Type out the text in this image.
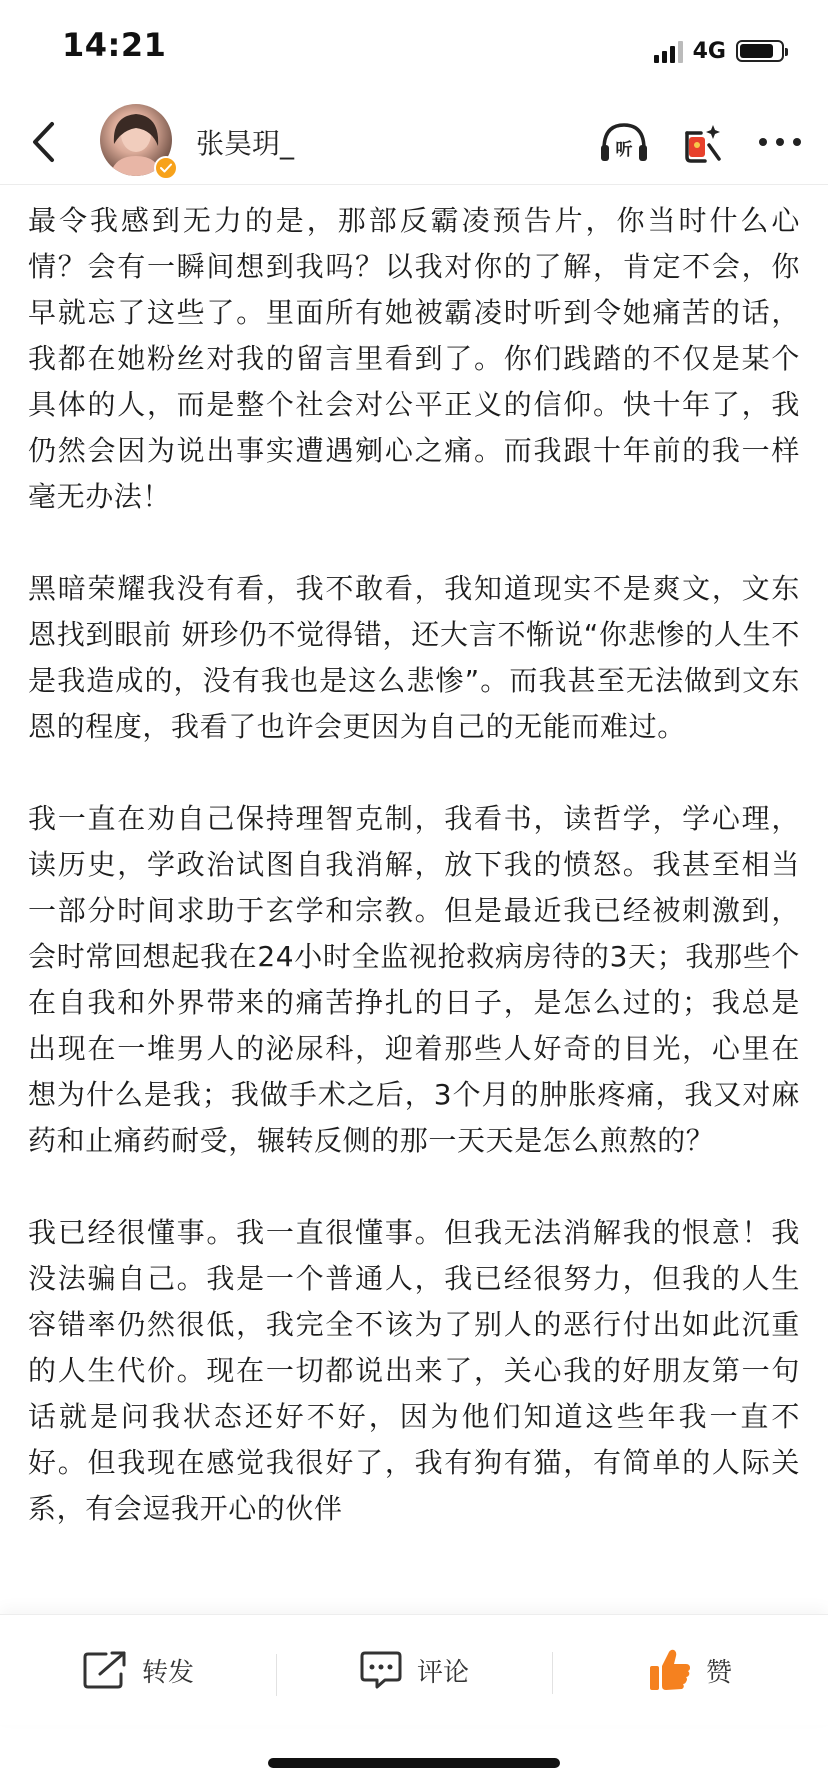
14:21	4G
张昊玥_	听

最令我感到无力的是，那部反霸凌预告片，你当时什么心情？会有一瞬间想到我吗？以我对你的了解，肯定不会，你早就忘了这些了。里面所有她被霸凌时听到令她痛苦的话，我都在她粉丝对我的留言里看到了。你们践踏的不仅是某个具体的人，而是整个社会对公平正义的信仰。快十年了，我仍然会因为说出事实遭遇剜心之痛。而我跟十年前的我一样毫无办法！

黑暗荣耀我没有看，我不敢看，我知道现实不是爽文，文东恩找到眼前 妍珍仍不觉得错，还大言不惭说“你悲惨的人生不是我造成的，没有我也是这么悲惨”。而我甚至无法做到文东恩的程度，我看了也许会更因为自己的无能而难过。

我一直在劝自己保持理智克制，我看书，读哲学，学心理，读历史，学政治试图自我消解，放下我的愤怒。我甚至相当一部分时间求助于玄学和宗教。但是最近我已经被刺激到，会时常回想起我在24小时全监视抢救病房待的3天；我那些个在自我和外界带来的痛苦挣扎的日子，是怎么过的；我总是出现在一堆男人的泌尿科，迎着那些人好奇的目光，心里在想为什么是我；我做手术之后，3个月的肿胀疼痛，我又对麻药和止痛药耐受，辗转反侧的那一天天是怎么煎熬的？

我已经很懂事。我一直很懂事。但我无法消解我的恨意！我没法骗自己。我是一个普通人，我已经很努力，但我的人生容错率仍然很低，我完全不该为了别人的恶行付出如此沉重的人生代价。现在一切都说出来了，关心我的好朋友第一句话就是问我状态还好不好，因为他们知道这些年我一直不好。但我现在感觉我很好了，我有狗有猫，有简单的人际关系，有会逗我开心的伙伴

转发	评论	赞
